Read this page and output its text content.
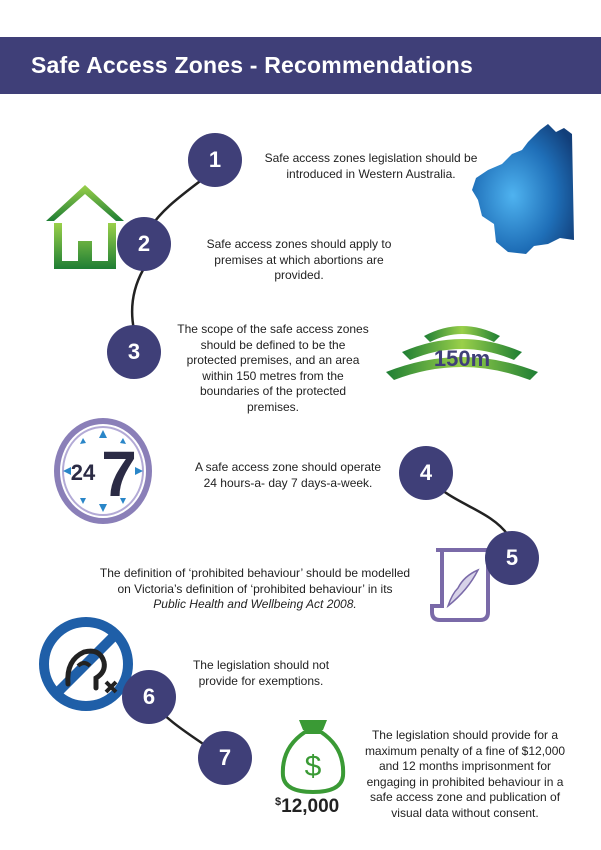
Safe Access Zones - Recommendations
150m
24 7
$
$12,000
1
2
3
4
5
6
7
Safe access zones legislation should be introduced in Western Australia.
Safe access zones should apply to premises at which abortions are provided.
The scope of the safe access zones should be defined to be the protected premises, and an area within 150 metres from the boundaries of the protected premises.
A safe access zone should operate 24 hours-a- day 7 days-a-week.
The definition of ‘prohibited behaviour’ should be modelled
on Victoria’s definition of ‘prohibited behaviour’ in its
Public Health and Wellbeing Act 2008.
The legislation should not provide for exemptions.
The legislation should provide for a maximum penalty of a fine of $12,000 and 12 months imprisonment for engaging in prohibited behaviour in a safe access zone and publication of visual data without consent.
